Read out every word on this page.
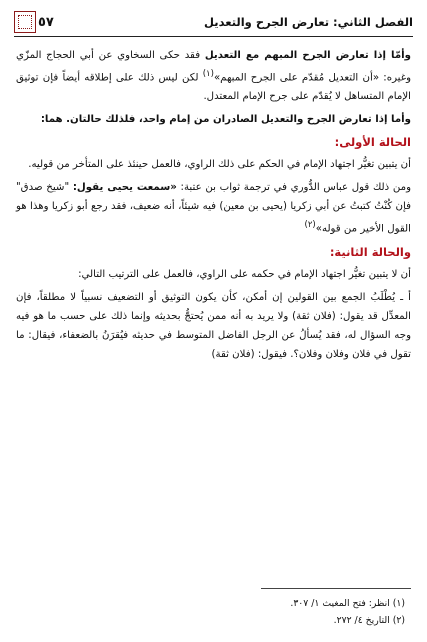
الفصل الثاني: تعارض الجرح والتعديل
٥٧

وأمّا إذا تعارض الجرح المبهم مع التعديل فقد حكى السخاوي عن أبي الحجاج المزّي وغيره: «أن التعديل مُقدّم على الجرح المبهم»$^{(١)}$ لكن ليس ذلك على إطلاقه أيضاً فإن توثيق الإمام المتساهل لا يُقدّم على جرح الإمام المعتدل.

وأما إذا تعارض الجرح والتعديل الصادران من إمام واحد، فلذلك حالتان. هما:

الحالة الأولى:

أن يتبين تغيُّر اجتهاد الإمام في الحكم على ذلك الراوي، فالعمل حينئذ على المتأخر من قوليه.

ومن ذلك قول عباس الدُّوري في ترجمة ثواب بن عتبة: «سمعت يحيى يقول: "شيخ صدق" فإن كُنْتُ كتبتُ عن أبي زكريا (يحيى بن معين) فيه شيئاً، أنه ضعيف، فقد رجع أبو زكريا وهذا هو القول الأخير من قوله»$^{(٢)}$

والحالة الثانية:

أن لا يتبين تغيُّر اجتهاد الإمام في حكمه على الراوي، فالعمل على الترتيب التالي:

أ ـ يُطْلَبُ الجمع بين القولين إن أمكن، كأن يكون التوثيق أو التضعيف نسبياً لا مطلقاً، فإن المعدِّل قد يقول: (فلان ثقة) ولا يريد به أنه ممن يُحتجُّ بحديثه وإنما ذلك على حسب ما هو فيه وجه السؤال له، فقد يُسألُ عن الرجل الفاضل المتوسط في حديثه فيُقرَنُ بالضعفاء، فيقال: ما تقول في فلان وفلان وفلان؟. فيقول: (فلان ثقة)

(١) انظر: فتح المغيث ١/ ٣٠٧.
(٢) التاريخ ٤/ ٢٧٢.
